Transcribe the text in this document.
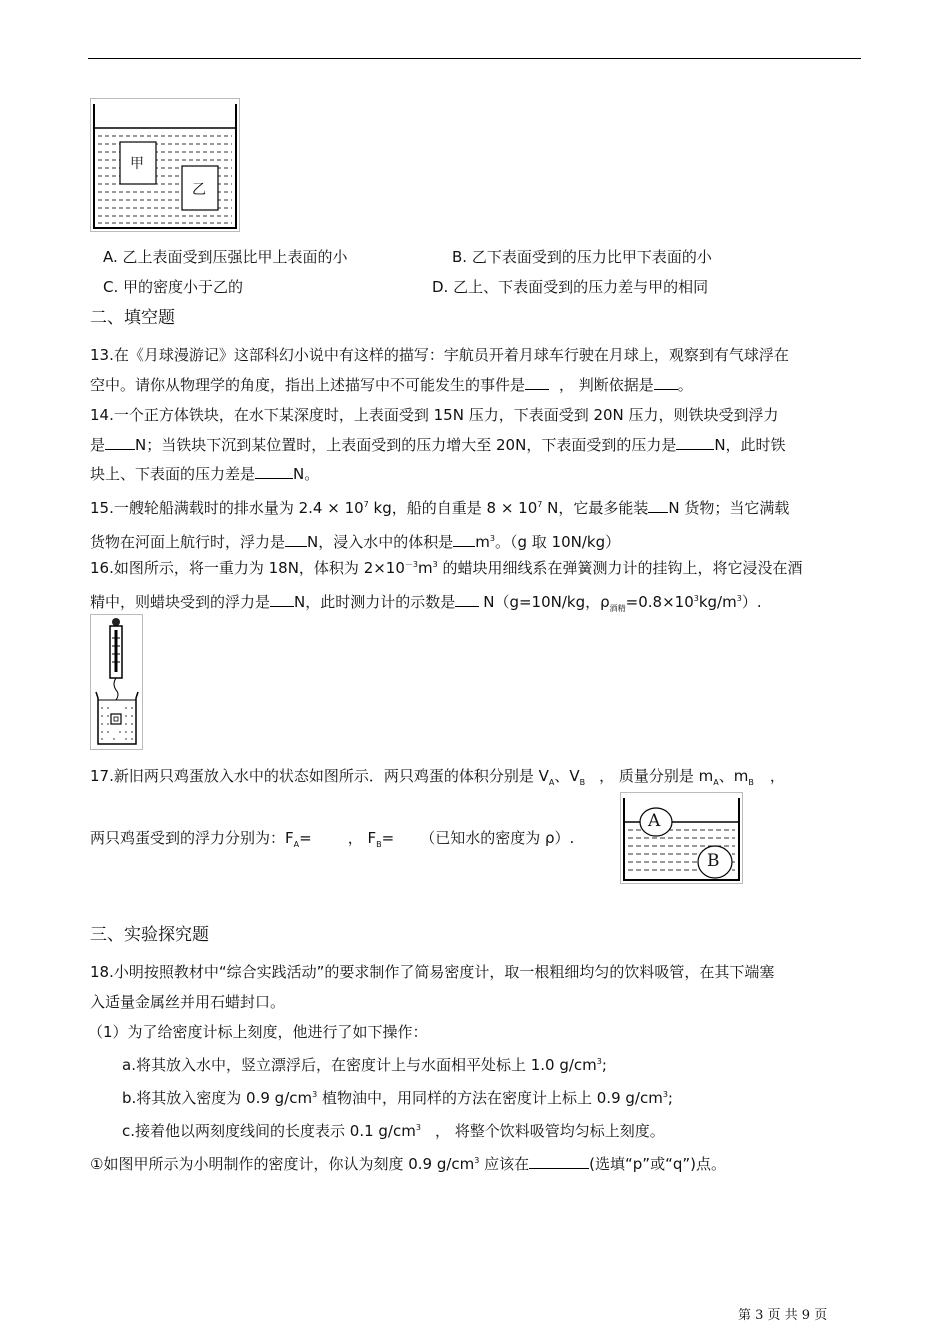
甲
乙
A. 乙上表面受到压强比甲上表面的小	B. 乙下表面受到的压力比甲下表面的小
C. 甲的密度小于乙的	D. 乙上、下表面受到的压力差与甲的相同
二、填空题
13.在《月球漫游记》这部科幻小说中有这样的描写：宇航员开着月球车行驶在月球上，观察到有气球浮在
空中。请你从物理学的角度，指出上述描写中不可能发生的事件是 ， 判断依据是 。
14.一个正方体铁块，在水下某深度时，上表面受到 15N 压力，下表面受到 20N 压力，则铁块受到浮力
是 N；当铁块下沉到某位置时，上表面受到的压力增大至 20N，下表面受到的压力是	N，此时铁
块上、下表面的压力差是	N。
15.一艘轮船满载时的排水量为 $2.4 \times 10^7$ kg，船的自重是 $8 \times 10^7$ N，它最多能装 N 货物；当它满载
货物在河面上航行时，浮力是 N，浸入水中的体积是 $m^3$。（g 取 10N/kg）
16.如图所示，将一重力为 18N，体积为 $2\times 10^{-3}m^3$ 的蜡块用细线系在弹簧测力计的挂钩上，将它浸没在酒
精中，则蜡块受到的浮力是 N，此时测力计的示数是 N（g=10N/kg，$\rho_{酒精}=0.8\times 10^3kg/m^3$）.
17.新旧两只鸡蛋放入水中的状态如图所示．两只鸡蛋的体积分别是 $V_A$、$V_B$ ， 质量分别是 $m_A$、$m_B$ ，
两只鸡蛋受到的浮力分别为：$F_A=$ ， $F_B=$ （已知水的密度为 ρ）.
A
B
三、实验探究题
18.小明按照教材中“综合实践活动”的要求制作了简易密度计，取一根粗细均匀的饮料吸管，在其下端塞
入适量金属丝并用石蜡封口。
（1）为了给密度计标上刻度，他进行了如下操作：
a.将其放入水中，竖立漂浮后，在密度计上与水面相平处标上 1.0 $g/cm^3$;
b.将其放入密度为 0.9 $g/cm^3$ 植物油中，用同样的方法在密度计上标上 0.9 $g/cm^3$;
c.接着他以两刻度线间的长度表示 0.1 $g/cm^3$ ， 将整个饮料吸管均匀标上刻度。
①如图甲所示为小明制作的密度计，你认为刻度 0.9 $g/cm^3$ 应该在	(选填“p”或“q”)点。
第 3 页 共 9 页
